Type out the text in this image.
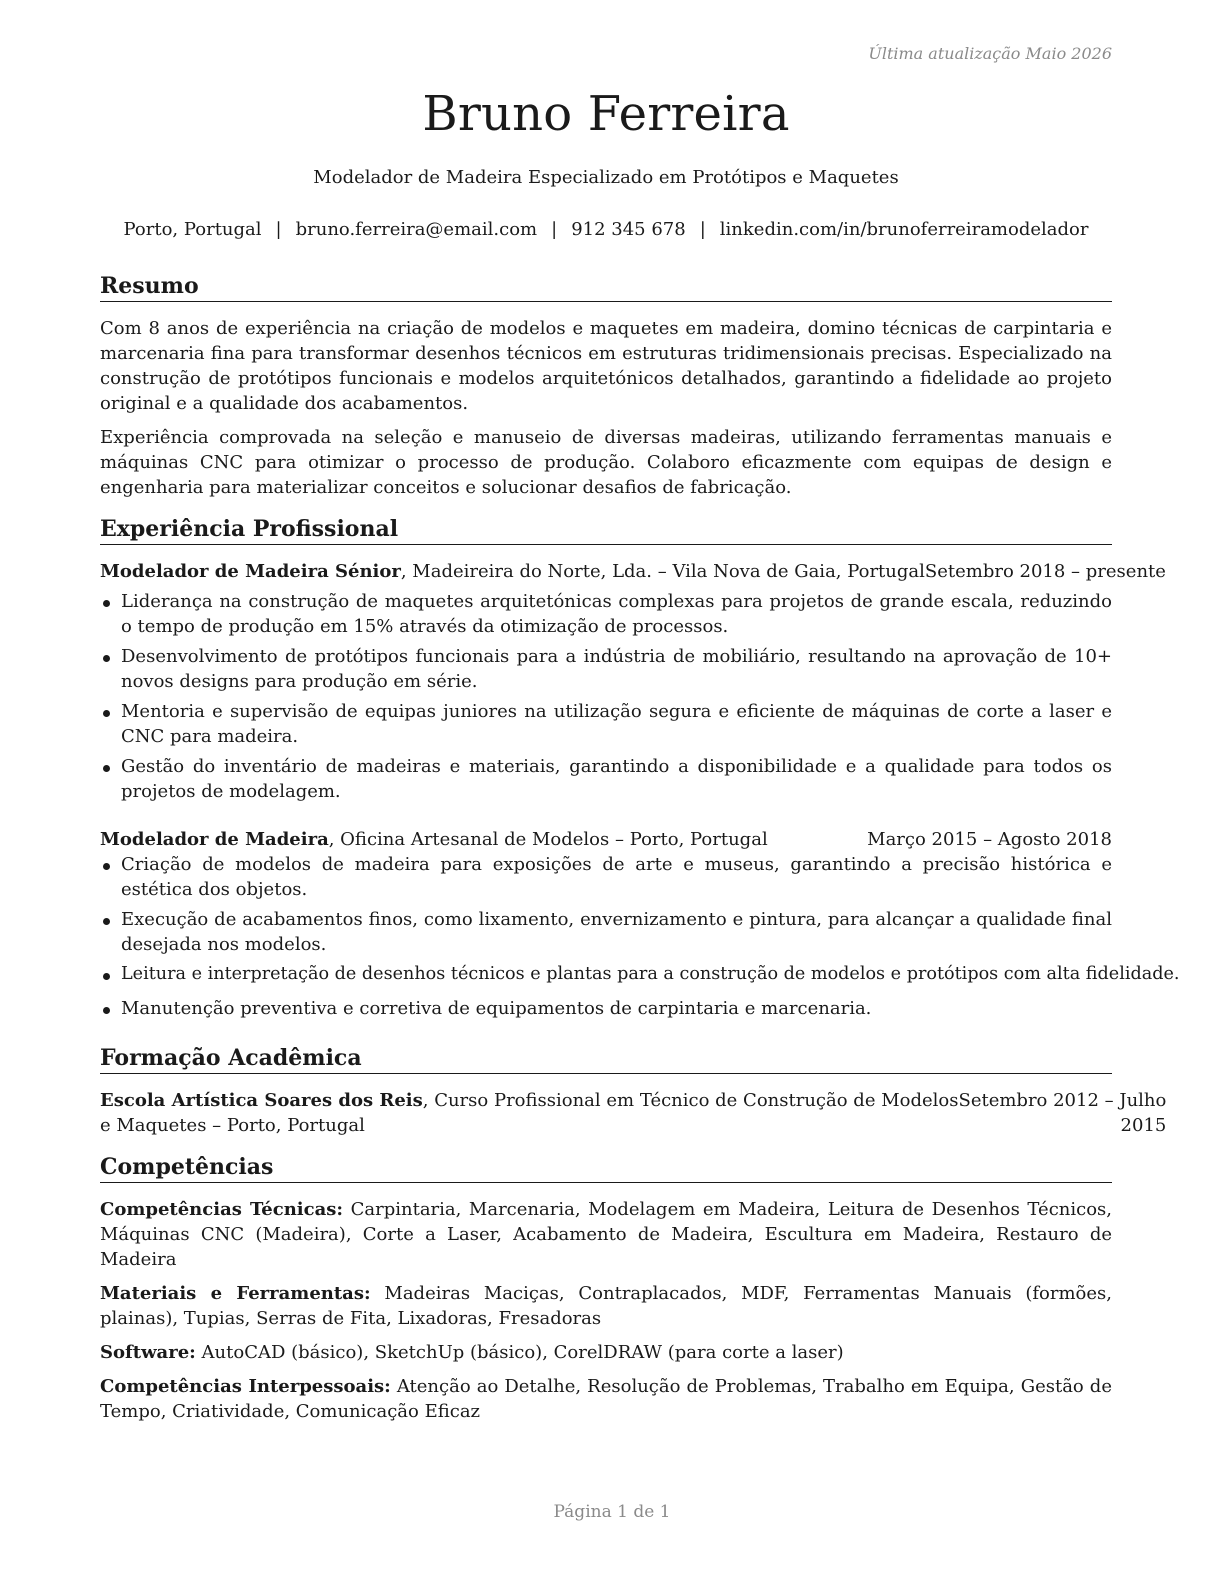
Última atualização Maio 2026
Bruno Ferreira
Modelador de Madeira Especializado em Protótipos e Maquetes
Porto, Portugal | bruno.ferreira@email.com | 912 345 678 | linkedin.com/in/brunoferreiramodelador
Resumo

Com 8 anos de experiência na criação de modelos e maquetes em madeira, domino técnicas de carpintaria e marcenaria fina para transformar desenhos técnicos em estruturas tridimensionais precisas. Especializado na construção de protótipos funcionais e modelos arquitetónicos detalhados, garantindo a fidelidade ao projeto original e a qualidade dos acabamentos.

Experiência comprovada na seleção e manuseio de diversas madeiras, utilizando ferramentas manuais e máquinas CNC para otimizar o processo de produção. Colaboro eficazmente com equipas de design e engenharia para materializar conceitos e solucionar desafios de fabricação.

Experiência Profissional
Modelador de Madeira Sénior, Madeireira do Norte, Lda. – Vila Nova de Gaia, Portugal Setembro 2018 – presente
Liderança na construção de maquetes arquitetónicas complexas para projetos de grande escala, reduzindo o tempo de produção em 15% através da otimização de processos.
Desenvolvimento de protótipos funcionais para a indústria de mobiliário, resultando na aprovação de 10+ novos designs para produção em série.
Mentoria e supervisão de equipas juniores na utilização segura e eficiente de máquinas de corte a laser e CNC para madeira.
Gestão do inventário de madeiras e materiais, garantindo a disponibilidade e a qualidade para todos os projetos de modelagem.
Modelador de Madeira, Oficina Artesanal de Modelos – Porto, Portugal	Março 2015 – Agosto 2018
Criação de modelos de madeira para exposições de arte e museus, garantindo a precisão histórica e estética dos objetos.
Execução de acabamentos finos, como lixamento, envernizamento e pintura, para alcançar a qualidade final desejada nos modelos.
Leitura e interpretação de desenhos técnicos e plantas para a construção de modelos e protótipos com alta fidelidade.
Manutenção preventiva e corretiva de equipamentos de carpintaria e marcenaria.
Formação Acadêmica
Escola Artística Soares dos Reis, Curso Profissional em Técnico de Construção de Modelos
e Maquetes – Porto, Portugal
Setembro 2012 – Julho
2015
Competências

Competências Técnicas: Carpintaria, Marcenaria, Modelagem em Madeira, Leitura de Desenhos Técnicos, Máquinas CNC (Madeira), Corte a Laser, Acabamento de Madeira, Escultura em Madeira, Restauro de Madeira

Materiais e Ferramentas: Madeiras Maciças, Contraplacados, MDF, Ferramentas Manuais (formões, plainas), Tupias, Serras de Fita, Lixadoras, Fresadoras

Software: AutoCAD (básico), SketchUp (básico), CorelDRAW (para corte a laser)

Competências Interpessoais: Atenção ao Detalhe, Resolução de Problemas, Trabalho em Equipa, Gestão de Tempo, Criatividade, Comunicação Eficaz

Página 1 de 1
